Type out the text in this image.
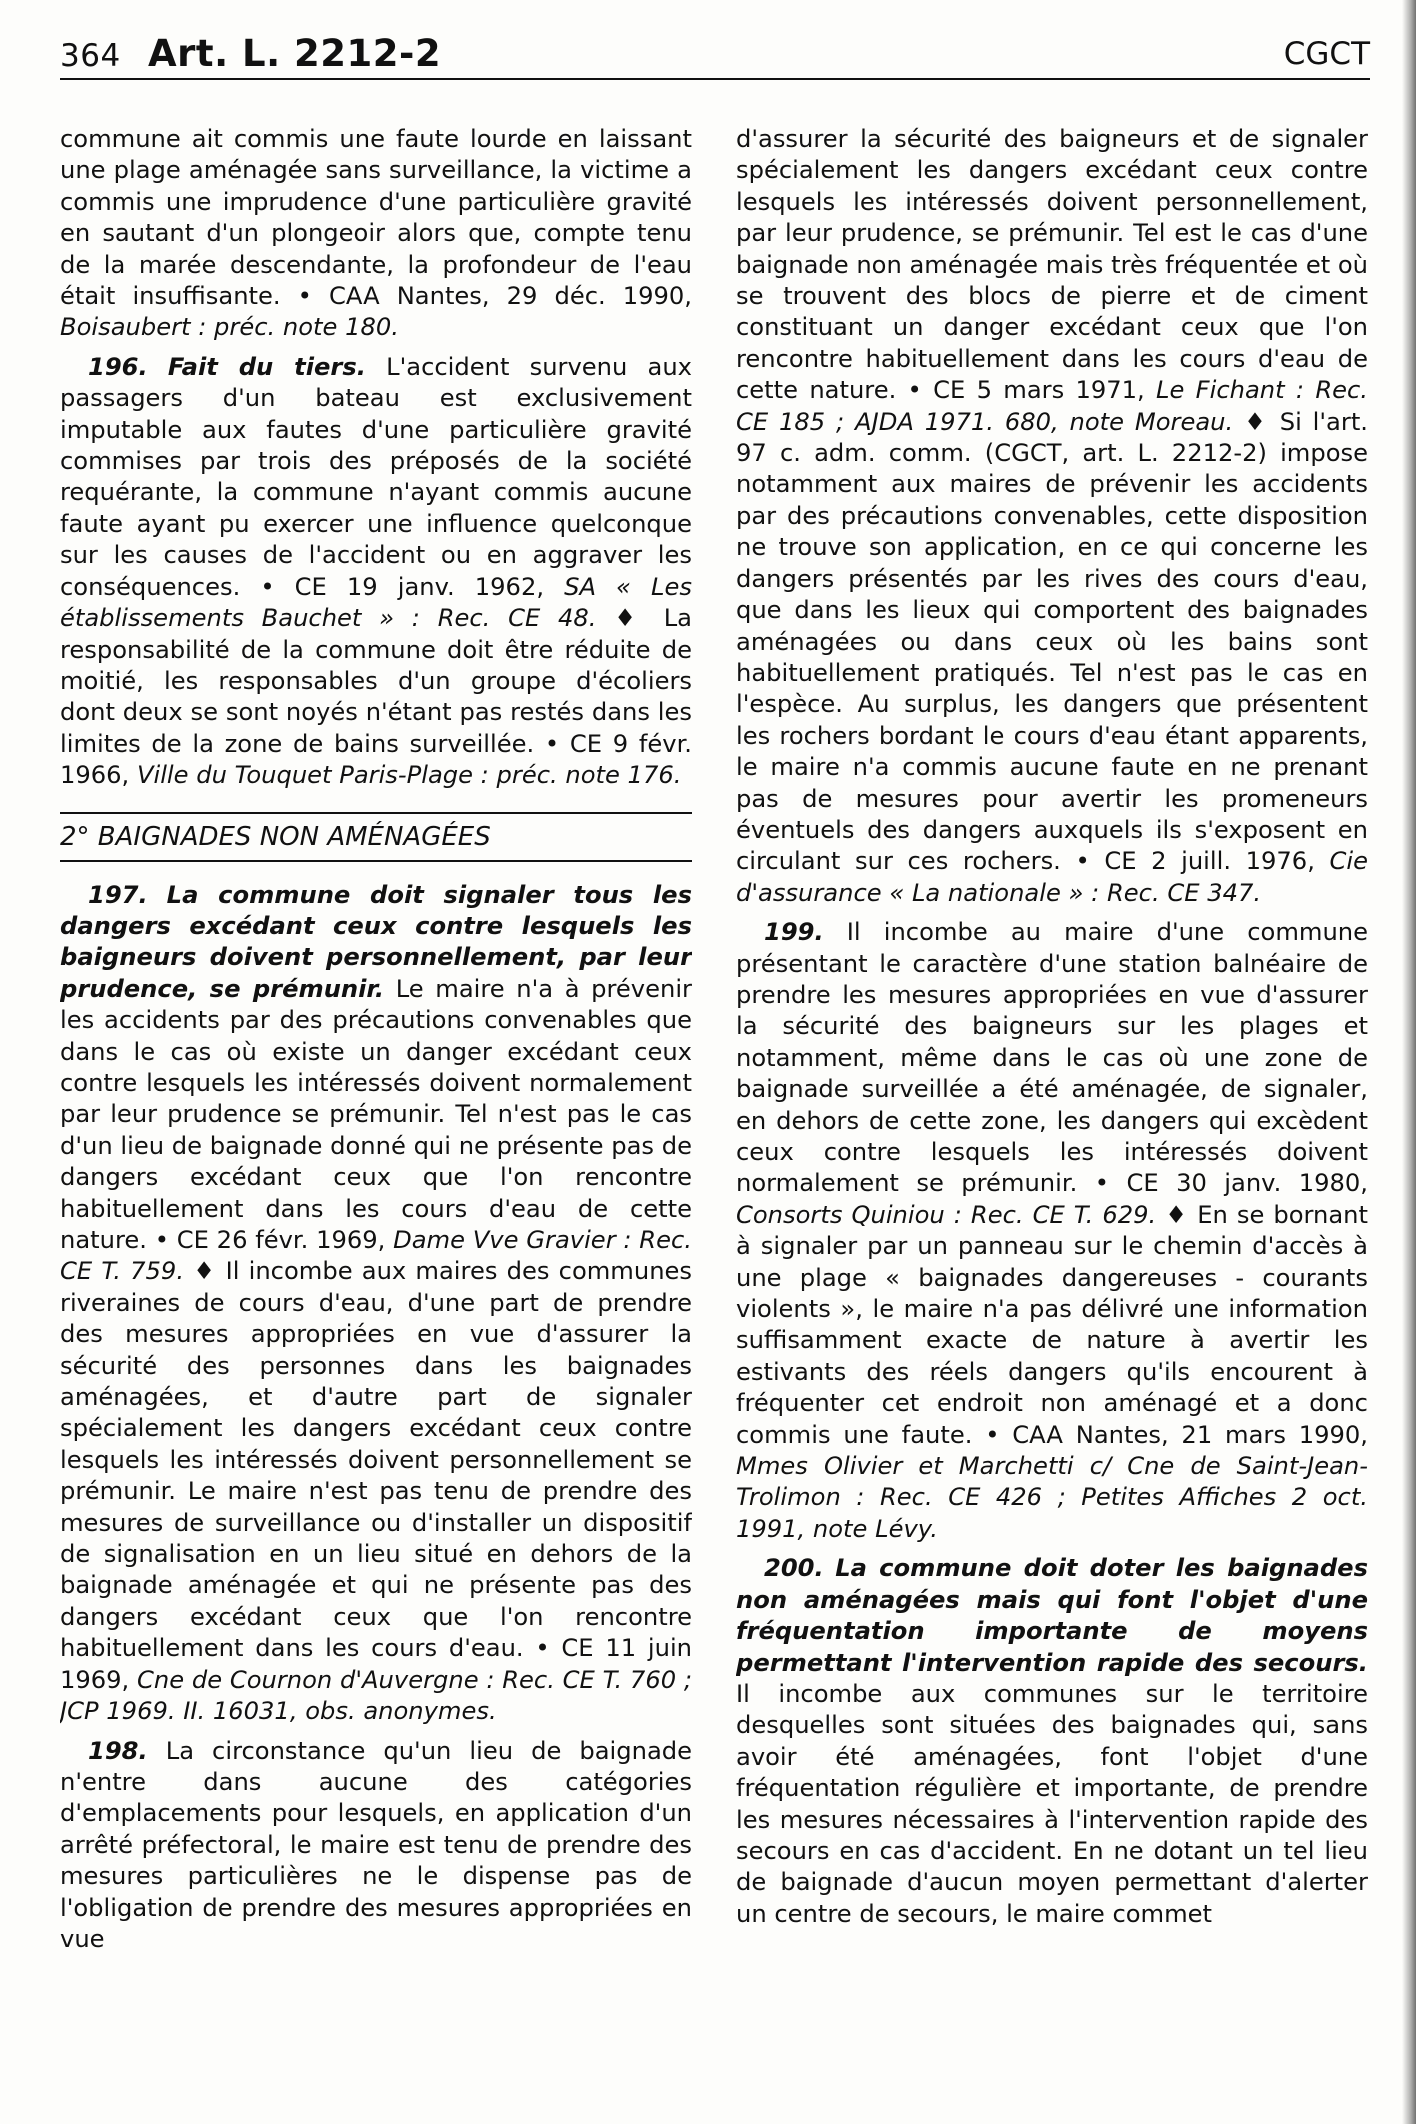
364 Art. L. 2212-2	CGCT

commune ait commis une faute lourde en laissant une plage aménagée sans surveillance, la victime a commis une imprudence d'une particulière gravité en sautant d'un plongeoir alors que, compte tenu de la marée descendante, la profondeur de l'eau était insuffisante. • CAA Nantes, 29 déc. 1990, Boisaubert : préc. note 180.

196. Fait du tiers. L'accident survenu aux passagers d'un bateau est exclusivement imputable aux fautes d'une particulière gravité commises par trois des préposés de la société requérante, la commune n'ayant commis aucune faute ayant pu exercer une influence quelconque sur les causes de l'accident ou en aggraver les conséquences. • CE 19 janv. 1962, SA « Les établissements Bauchet » : Rec. CE 48. ♦ La responsabilité de la commune doit être réduite de moitié, les responsables d'un groupe d'écoliers dont deux se sont noyés n'étant pas restés dans les limites de la zone de bains surveillée. • CE 9 févr. 1966, Ville du Touquet Paris-Plage : préc. note 176.

2° BAIGNADES NON AMÉNAGÉES

197. La commune doit signaler tous les dangers excédant ceux contre lesquels les baigneurs doivent personnellement, par leur prudence, se prémunir. Le maire n'a à prévenir les accidents par des précautions convenables que dans le cas où existe un danger excédant ceux contre lesquels les intéressés doivent normalement par leur prudence se prémunir. Tel n'est pas le cas d'un lieu de baignade donné qui ne présente pas de dangers excédant ceux que l'on rencontre habituellement dans les cours d'eau de cette nature. • CE 26 févr. 1969, Dame Vve Gravier : Rec. CE T. 759. ♦ Il incombe aux maires des communes riveraines de cours d'eau, d'une part de prendre des mesures appropriées en vue d'assurer la sécurité des personnes dans les baignades aménagées, et d'autre part de signaler spécialement les dangers excédant ceux contre lesquels les intéressés doivent personnellement se prémunir. Le maire n'est pas tenu de prendre des mesures de surveillance ou d'installer un dispositif de signalisation en un lieu situé en dehors de la baignade aménagée et qui ne présente pas des dangers excédant ceux que l'on rencontre habituellement dans les cours d'eau. • CE 11 juin 1969, Cne de Cournon d'Auvergne : Rec. CE T. 760 ; JCP 1969. II. 16031, obs. anonymes.

198. La circonstance qu'un lieu de baignade n'entre dans aucune des catégories d'emplacements pour lesquels, en application d'un arrêté préfectoral, le maire est tenu de prendre des mesures particulières ne le dispense pas de l'obligation de prendre des mesures appropriées en vue

d'assurer la sécurité des baigneurs et de signaler spécialement les dangers excédant ceux contre lesquels les intéressés doivent personnellement, par leur prudence, se prémunir. Tel est le cas d'une baignade non aménagée mais très fréquentée et où se trouvent des blocs de pierre et de ciment constituant un danger excédant ceux que l'on rencontre habituellement dans les cours d'eau de cette nature. • CE 5 mars 1971, Le Fichant : Rec. CE 185 ; AJDA 1971. 680, note Moreau. ♦ Si l'art. 97 c. adm. comm. (CGCT, art. L. 2212-2) impose notamment aux maires de prévenir les accidents par des précautions convenables, cette disposition ne trouve son application, en ce qui concerne les dangers présentés par les rives des cours d'eau, que dans les lieux qui comportent des baignades aménagées ou dans ceux où les bains sont habituellement pratiqués. Tel n'est pas le cas en l'espèce. Au surplus, les dangers que présentent les rochers bordant le cours d'eau étant apparents, le maire n'a commis aucune faute en ne prenant pas de mesures pour avertir les promeneurs éventuels des dangers auxquels ils s'exposent en circulant sur ces rochers. • CE 2 juill. 1976, Cie d'assurance « La nationale » : Rec. CE 347.

199. Il incombe au maire d'une commune présentant le caractère d'une station balnéaire de prendre les mesures appropriées en vue d'assurer la sécurité des baigneurs sur les plages et notamment, même dans le cas où une zone de baignade surveillée a été aménagée, de signaler, en dehors de cette zone, les dangers qui excèdent ceux contre lesquels les intéressés doivent normalement se prémunir. • CE 30 janv. 1980, Consorts Quiniou : Rec. CE T. 629. ♦ En se bornant à signaler par un panneau sur le chemin d'accès à une plage « baignades dangereuses - courants violents », le maire n'a pas délivré une information suffisamment exacte de nature à avertir les estivants des réels dangers qu'ils encourent à fréquenter cet endroit non aménagé et a donc commis une faute. • CAA Nantes, 21 mars 1990, Mmes Olivier et Marchetti c/ Cne de Saint-Jean-Trolimon : Rec. CE 426 ; Petites Affiches 2 oct. 1991, note Lévy.

200. La commune doit doter les baignades non aménagées mais qui font l'objet d'une fréquentation importante de moyens permettant l'intervention rapide des secours. Il incombe aux communes sur le territoire desquelles sont situées des baignades qui, sans avoir été aménagées, font l'objet d'une fréquentation régulière et importante, de prendre les mesures nécessaires à l'intervention rapide des secours en cas d'accident. En ne dotant un tel lieu de baignade d'aucun moyen permettant d'alerter un centre de secours, le maire commet
